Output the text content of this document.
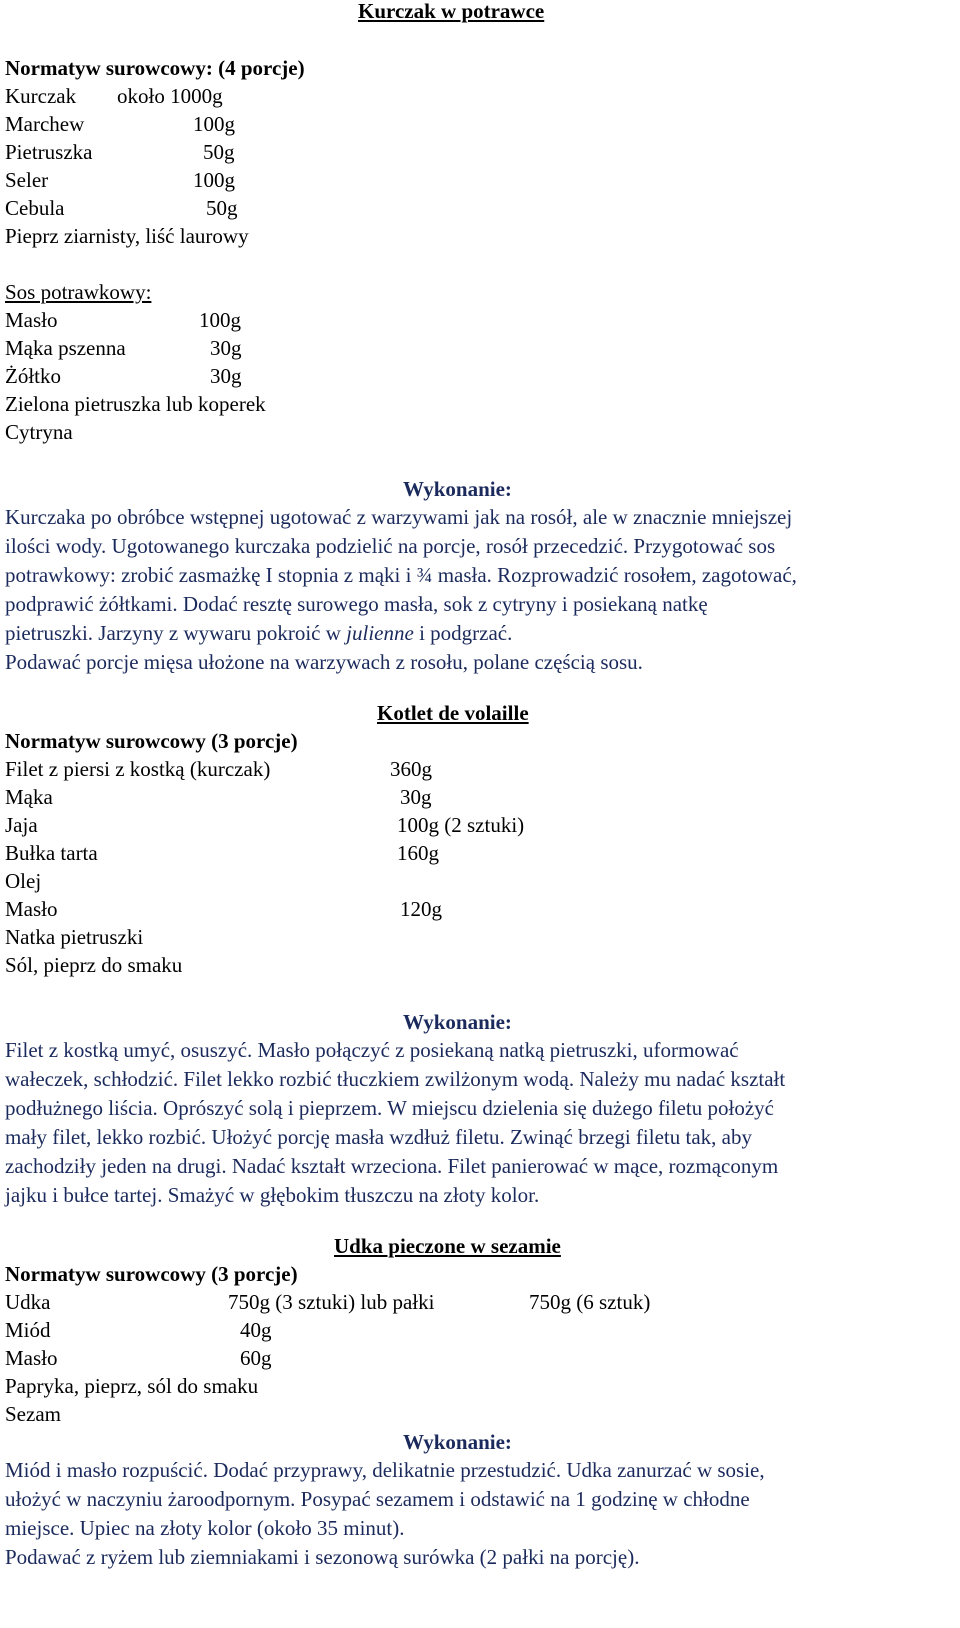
Kurczak w potrawce
Normatyw surowcowy: (4 porcje)
Kurczak około 1000g
Marchew	100g
Pietruszka	50g
Seler	100g
Cebula	50g
Pieprz ziarnisty, liść laurowy
Sos potrawkowy:
Masło	100g
Mąka pszenna	30g
Żółtko	30g
Zielona pietruszka lub koperek
Cytryna
Wykonanie:

Kurczaka po obróbce wstępnej ugotować z warzywami jak na rosół, ale w znacznie mniejszej

ilości wody. Ugotowanego kurczaka podzielić na porcje, rosół przecedzić. Przygotować sos

potrawkowy: zrobić zasmażkę I stopnia z mąki i ¾ masła. Rozprowadzić rosołem, zagotować,

podprawić żółtkami. Dodać resztę surowego masła, sok z cytryny i posiekaną natkę

pietruszki. Jarzyny z wywaru pokroić w julienne i podgrzać.

Podawać porcje mięsa ułożone na warzywach z rosołu, polane częścią sosu.

Kotlet de volaille
Normatyw surowcowy (3 porcje)
Filet z piersi z kostką (kurczak)	360g
Mąka	30g
Jaja	100g (2 sztuki)
Bułka tarta	160g
Olej
Masło	120g
Natka pietruszki
Sól, pieprz do smaku
Wykonanie:

Filet z kostką umyć, osuszyć. Masło połączyć z posiekaną natką pietruszki, uformować

wałeczek, schłodzić. Filet lekko rozbić tłuczkiem zwilżonym wodą. Należy mu nadać kształt

podłużnego liścia. Oprószyć solą i pieprzem. W miejscu dzielenia się dużego filetu położyć

mały filet, lekko rozbić. Ułożyć porcję masła wzdłuż filetu. Zwinąć brzegi filetu tak, aby

zachodziły jeden na drugi. Nadać kształt wrzeciona. Filet panierować w mące, rozmąconym

jajku i bułce tartej. Smażyć w głębokim tłuszczu na złoty kolor.

Udka pieczone w sezamie
Normatyw surowcowy (3 porcje)
Udka	750g (3 sztuki) lub pałki	750g (6 sztuk)
Miód	40g
Masło	60g
Papryka, pieprz, sól do smaku
Sezam
Wykonanie:

Miód i masło rozpuścić. Dodać przyprawy, delikatnie przestudzić. Udka zanurzać w sosie,

ułożyć w naczyniu żaroodpornym. Posypać sezamem i odstawić na 1 godzinę w chłodne

miejsce. Upiec na złoty kolor (około 35 minut).

Podawać z ryżem lub ziemniakami i sezonową surówka (2 pałki na porcję).
